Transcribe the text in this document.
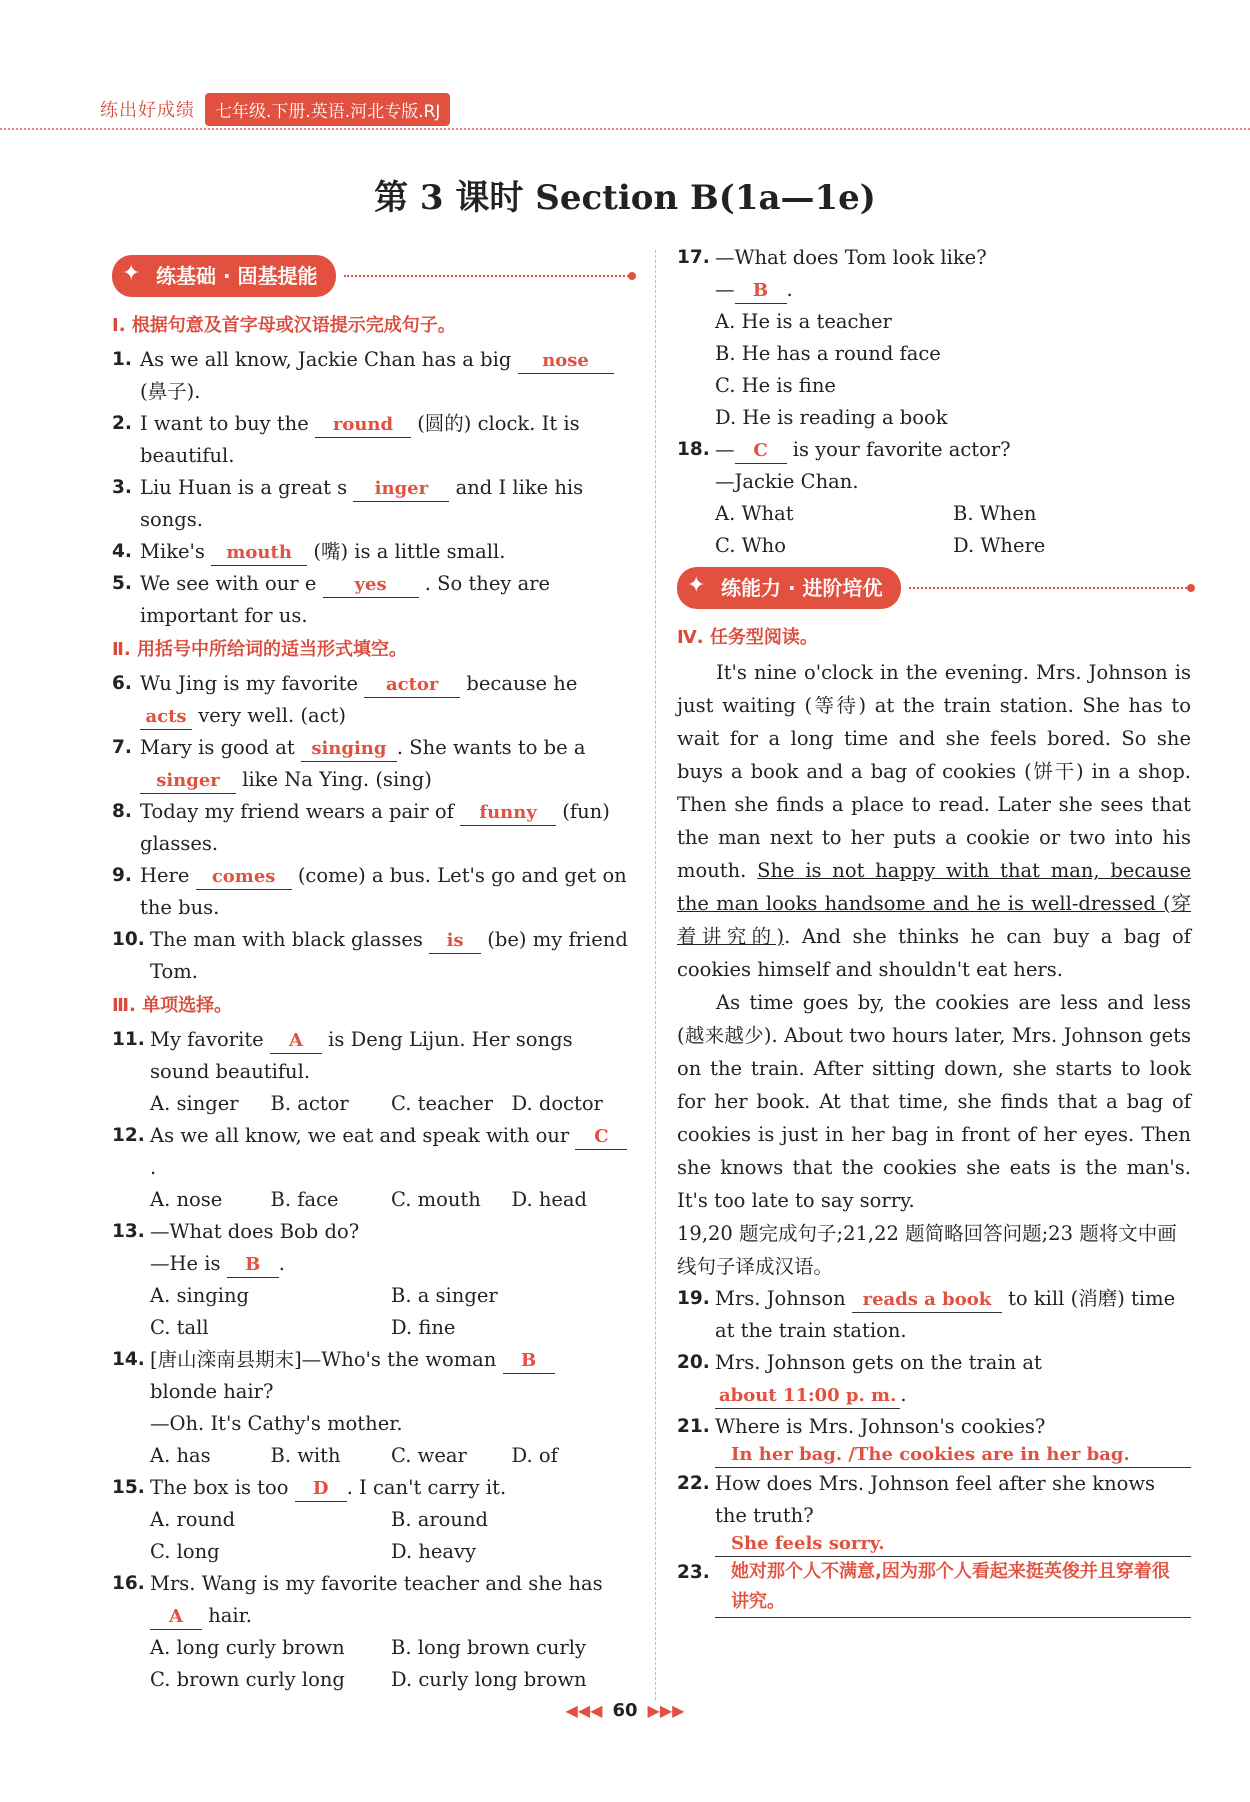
练出好成绩	七年级.下册.英语.河北专版.RJ
第 3 课时 Section B(1a—1e)
✦ 练基础 · 固基提能
Ⅰ. 根据句意及首字母或汉语提示完成句子。
1. As we all know, Jackie Chan has a big nose (鼻子).
2. I want to buy the round (圆的) clock. It is beautiful.
3. Liu Huan is a great s inger and I like his songs.
4. Mike's mouth (嘴) is a little small.
5. We see with our e yes . So they are important for us.
Ⅱ. 用括号中所给词的适当形式填空。
6. Wu Jing is my favorite actor because he acts very well. (act)
7. Mary is good at singing . She wants to be a singer like Na Ying. (sing)
8. Today my friend wears a pair of funny (fun) glasses.
9. Here comes (come) a bus. Let's go and get on the bus.
10. The man with black glasses is (be) my friend Tom.
Ⅲ. 单项选择。
11. My favorite A is Deng Lijun. Her songs sound beautiful.
A. singer	B. actor	C. teacher D. doctor
12. As we all know, we eat and speak with our C.
A. nose	B. face	C. mouth	D. head
13. —What does Bob do?
—He is B .
A. singing	B. a singer
C. tall	D. fine
14. [唐山滦南县期末]—Who's the woman B
blonde hair?
—Oh. It's Cathy's mother.
A. has	B. with	C. wear	D. of
15. The box is too D . I can't carry it.
A. round	B. around
C. long	D. heavy
16. Mrs. Wang is my favorite teacher and she has A hair.
A. long curly brown	B. long brown curly
C. brown curly long	D. curly long brown
17. —What does Tom look like?
— B .
A. He is a teacher
B. He has a round face
C. He is fine
D. He is reading a book
18. — C is your favorite actor?
—Jackie Chan.
A. What	B. When
C. Who	D. Where
✦ 练能力 · 进阶培优
Ⅳ. 任务型阅读。

It's nine o'clock in the evening. Mrs. Johnson is just waiting (等待) at the train station. She has to wait for a long time and she feels bored. So she buys a book and a bag of cookies (饼干) in a shop. Then she finds a place to read. Later she sees that the man next to her puts a cookie or two into his mouth. She is not happy with that man, because the man looks handsome and he is well-dressed (穿着讲究的). And she thinks he can buy a bag of cookies himself and shouldn't eat hers.

As time goes by, the cookies are less and less (越来越少). About two hours later, Mrs. Johnson gets on the train. After sitting down, she starts to look for her book. At that time, she finds that a bag of cookies is just in her bag in front of her eyes. Then she knows that the cookies she eats is the man's. It's too late to say sorry.

19,20 题完成句子;21,22 题简略回答问题;23 题将文中画线句子译成汉语。

19. Mrs. Johnson reads a book to kill (消磨) time at the train station.
20. Mrs. Johnson gets on the train at about 11:00 p. m. .
21. Where is Mrs. Johnson's cookies?
In her bag. /The cookies are in her bag.
22. How does Mrs. Johnson feel after she knows the truth?
She feels sorry.
23.	她对那个人不满意,因为那个人看起来挺英俊并且穿着很讲究。
◀◀◀ 60 ▶▶▶
